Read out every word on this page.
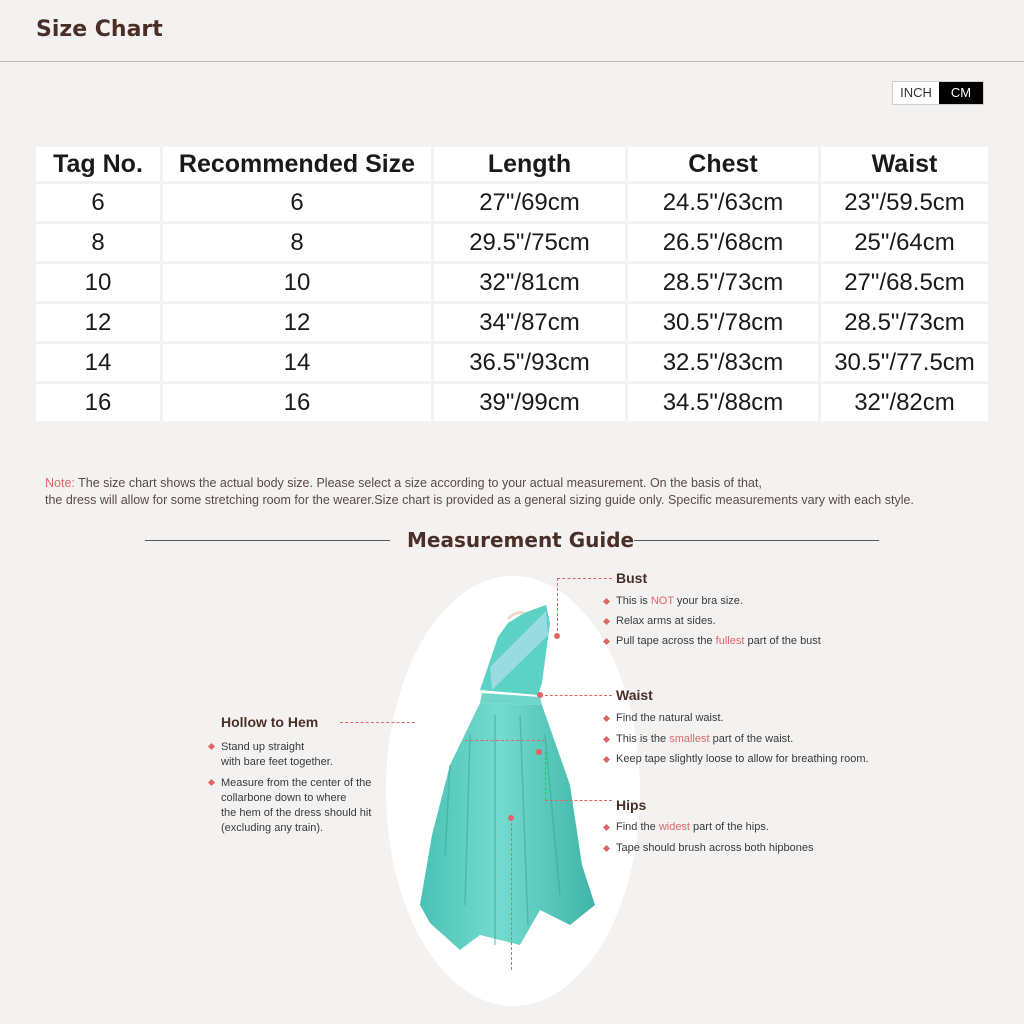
Size Chart
INCH	CM
Tag No.	Recommended Size	Length	Chest	Waist
6	6	27"/69cm	24.5"/63cm	23"/59.5cm
8	8	29.5"/75cm	26.5"/68cm	25"/64cm
10	10	32"/81cm	28.5"/73cm	27"/68.5cm
12	12	34"/87cm	30.5"/78cm	28.5"/73cm
14	14	36.5"/93cm	32.5"/83cm	30.5"/77.5cm
16	16	39"/99cm	34.5"/88cm	32"/82cm
Note: The size chart shows the actual body size. Please select a size according to your actual measurement. On the basis of that,
the dress will allow for some stretching room for the wearer.Size chart is provided as a general sizing guide only. Specific measurements vary with each style.
Measurement Guide
Bust
This is NOT your bra size.
Relax arms at sides.
Pull tape across the fullest part of the bust
Waist
Find the natural waist.
This is the smallest part of the waist.
Keep tape slightly loose to allow for breathing room.
Hips
Find the widest part of the hips.
Tape should brush across both hipbones
Hollow to Hem
Stand up straight
with bare feet together.
Measure from the center of the
collarbone down to where
the hem of the dress should hit
(excluding any train).
